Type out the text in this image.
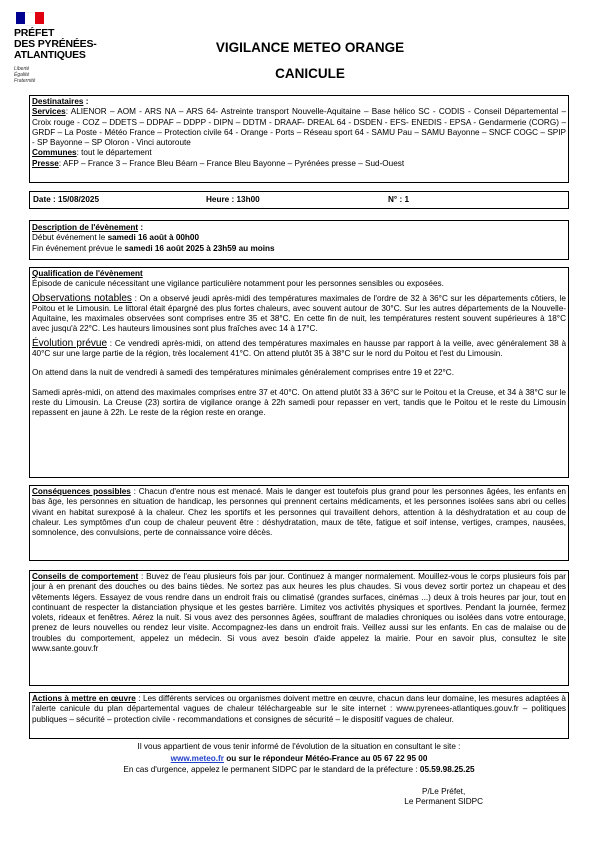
PRÉFET
DES PYRÉNÉES-
ATLANTIQUES
Liberté
Égalité
Fraternité
VIGILANCE METEO ORANGE
CANICULE
Destinataires :
Services: ALIENOR – AOM - ARS NA – ARS 64- Astreinte transport Nouvelle-Aquitaine – Base hélico SC - CODIS - Conseil Départemental – Croix rouge - COZ – DDETS – DDPAF – DDPP - DIPN – DDTM - DRAAF- DREAL 64 - DSDEN - EFS- ENEDIS - EPSA - Gendarmerie (CORG) – GRDF – La Poste - Météo France – Protection civile 64 - Orange - Ports – Réseau sport 64 - SAMU Pau – SAMU Bayonne – SNCF COGC – SPIP - SP Bayonne – SP Oloron - Vinci autoroute
Communes: tout le département
Presse: AFP – France 3 – France Bleu Béarn – France Bleu Bayonne – Pyrénées presse – Sud-Ouest
Date : 15/08/2025	Heure : 13h00	N° : 1
Description de l'évènement :
Début événement le samedi 16 août à 00h00
Fin événement prévue le samedi 16 août 2025 à 23h59 au moins
Qualification de l'évènement
Épisode de canicule nécessitant une vigilance particulière notamment pour les personnes sensibles ou exposées.
Observations notables : On a observé jeudi après-midi des températures maximales de l'ordre de 32 à 36°C sur les départements côtiers, le Poitou et le Limousin. Le littoral était épargné des plus fortes chaleurs, avec souvent autour de 30°C. Sur les autres départements de la Nouvelle-Aquitaine, les maximales observées sont comprises entre 35 et 38°C. En cette fin de nuit, les températures restent souvent supérieures à 18°C avec jusqu'à 22°C. Les hauteurs limousines sont plus fraîches avec 14 à 17°C.
Évolution prévue : Ce vendredi après-midi, on attend des températures maximales en hausse par rapport à la veille, avec généralement 38 à 40°C sur une large partie de la région, très localement 41°C. On attend plutôt 35 à 38°C sur le nord du Poitou et l'est du Limousin.
On attend dans la nuit de vendredi à samedi des températures minimales généralement comprises entre 19 et 22°C.
Samedi après-midi, on attend des maximales comprises entre 37 et 40°C. On attend plutôt 33 à 36°C sur le Poitou et la Creuse, et 34 à 38°C sur le reste du Limousin. La Creuse (23) sortira de vigilance orange à 22h samedi pour repasser en vert, tandis que le Poitou et le reste du Limousin repassent en jaune à 22h. Le reste de la région reste en orange.
Conséquences possibles : Chacun d'entre nous est menacé. Mais le danger est toutefois plus grand pour les personnes âgées, les enfants en bas âge, les personnes en situation de handicap, les personnes qui prennent certains médicaments, et les personnes isolées sans abri ou celles vivant en habitat surexposé à la chaleur. Chez les sportifs et les personnes qui travaillent dehors, attention à la déshydratation et au coup de chaleur. Les symptômes d'un coup de chaleur peuvent être : déshydratation, maux de tête, fatigue et soif intense, vertiges, crampes, nausées, somnolence, des convulsions, perte de connaissance voire décès.
Conseils de comportement : Buvez de l'eau plusieurs fois par jour. Continuez à manger normalement. Mouillez-vous le corps plusieurs fois par jour à en prenant des douches ou des bains tièdes. Ne sortez pas aux heures les plus chaudes. Si vous devez sortir portez un chapeau et des vêtements légers. Essayez de vous rendre dans un endroit frais ou climatisé (grandes surfaces, cinémas ...) deux à trois heures par jour, tout en continuant de respecter la distanciation physique et les gestes barrière. Limitez vos activités physiques et sportives. Pendant la journée, fermez volets, rideaux et fenêtres. Aérez la nuit. Si vous avez des personnes âgées, souffrant de maladies chroniques ou isolées dans votre entourage, prenez de leurs nouvelles ou rendez leur visite. Accompagnez-les dans un endroit frais. Veillez aussi sur les enfants. En cas de malaise ou de troubles du comportement, appelez un médecin. Si vous avez besoin d'aide appelez la mairie. Pour en savoir plus, consultez le site www.sante.gouv.fr
Actions à mettre en œuvre : Les différents services ou organismes doivent mettre en œuvre, chacun dans leur domaine, les mesures adaptées à l'alerte canicule du plan départemental vagues de chaleur téléchargeable sur le site internet : www.pyrenees-atlantiques.gouv.fr – politiques publiques – sécurité – protection civile - recommandations et consignes de sécurité – le dispositif vagues de chaleur.
Il vous appartient de vous tenir informé de l'évolution de la situation en consultant le site :
www.meteo.fr ou sur le répondeur Météo-France au 05 67 22 95 00
En cas d'urgence, appelez le permanent SIDPC par le standard de la préfecture : 05.59.98.25.25
P/Le Préfet,
Le Permanent SIDPC
